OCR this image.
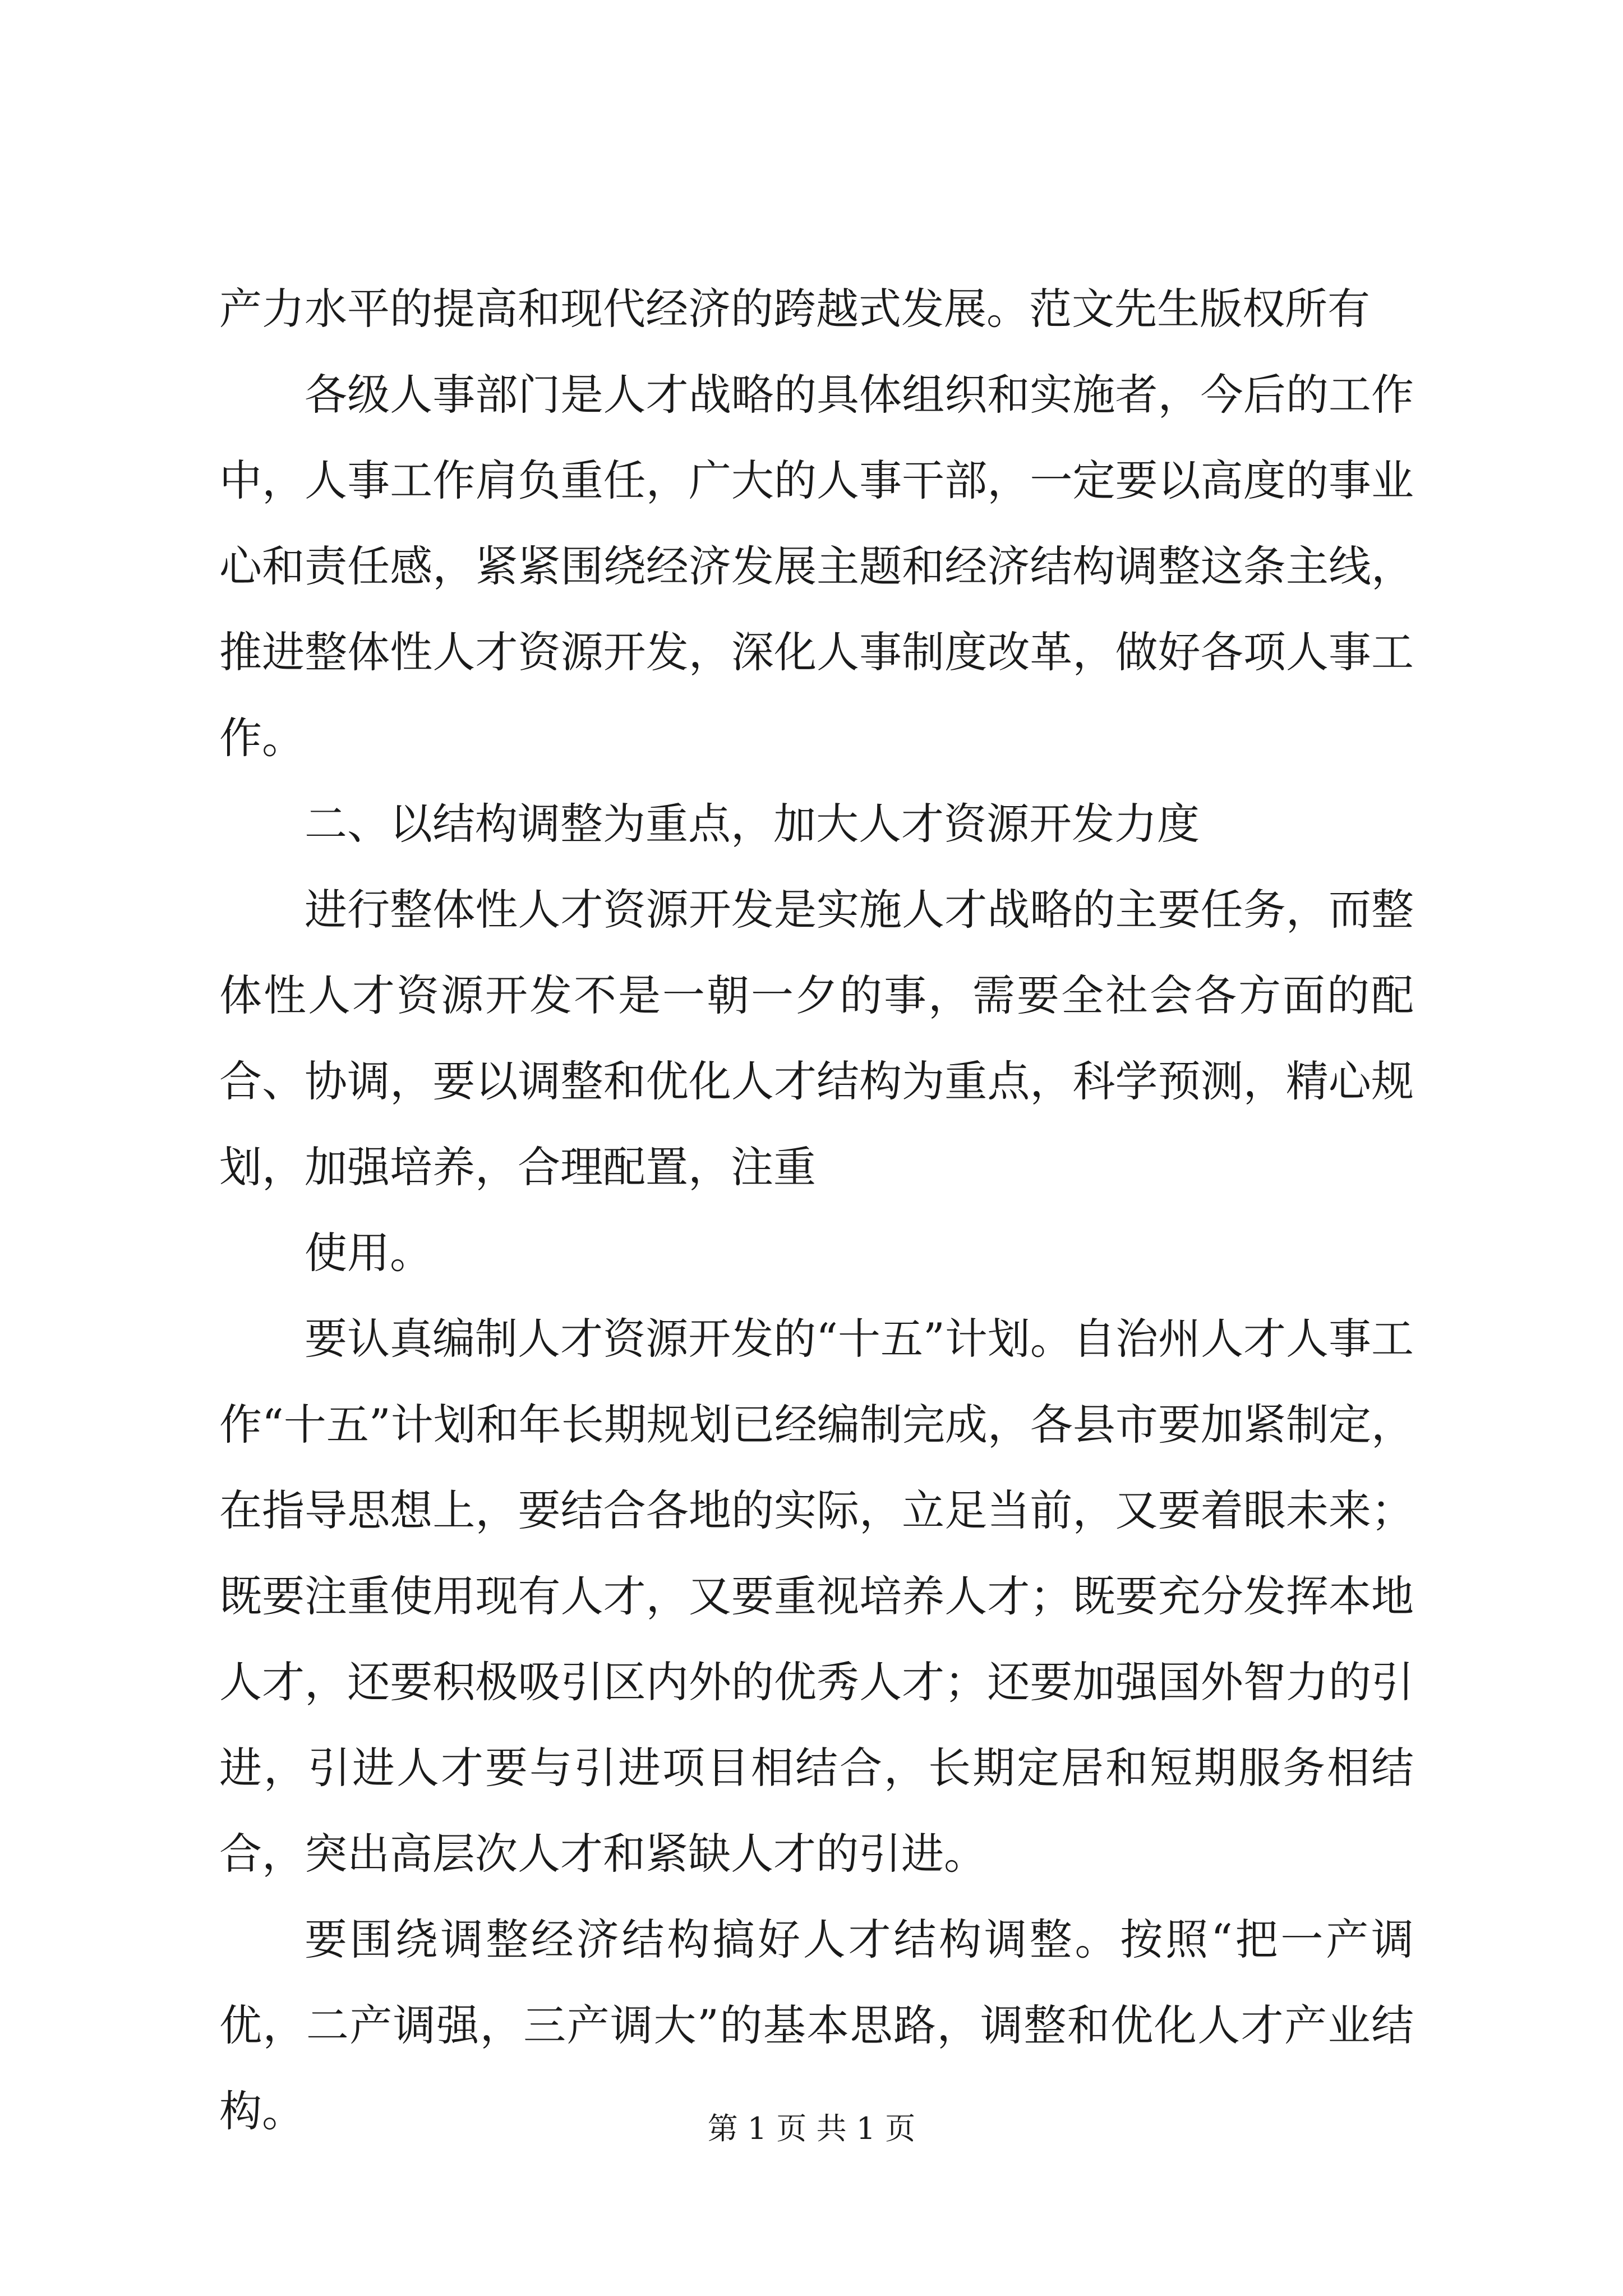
产力水平的提高和现代经济的跨越式发展。范文先生版权所有

各级人事部门是人才战略的具体组织和实施者，今后的工作中，人事工作肩负重任，广大的人事干部，一定要以高度的事业心和责任感，紧紧围绕经济发展主题和经济结构调整这条主线，推进整体性人才资源开发，深化人事制度改革，做好各项人事工作。

二、以结构调整为重点，加大人才资源开发力度

进行整体性人才资源开发是实施人才战略的主要任务，而整体性人才资源开发不是一朝一夕的事，需要全社会各方面的配合、协调，要以调整和优化人才结构为重点，科学预测，精心规划，加强培养，合理配置，注重

使用。

要认真编制人才资源开发的“十五”计划。自治州人才人事工作“十五”计划和年长期规划已经编制完成，各县市要加紧制定，在指导思想上，要结合各地的实际，立足当前，又要着眼未来；既要注重使用现有人才，又要重视培养人才；既要充分发挥本地人才，还要积极吸引区内外的优秀人才；还要加强国外智力的引进，引进人才要与引进项目相结合，长期定居和短期服务相结合，突出高层次人才和紧缺人才的引进。

要围绕调整经济结构搞好人才结构调整。按照“把一产调优，二产调强，三产调大”的基本思路，调整和优化人才产业结构。	第 1 页 共 1 页
